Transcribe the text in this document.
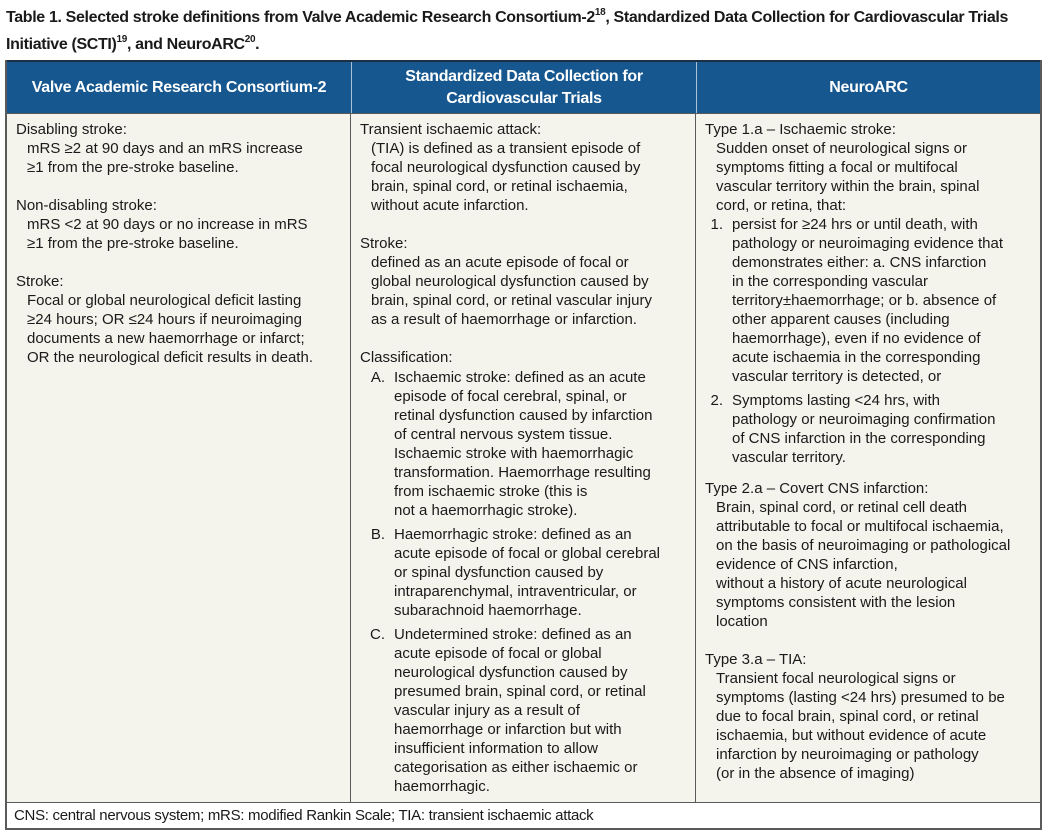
Table 1. Selected stroke definitions from Valve Academic Research Consortium-$2^{18}$, Standardized Data Collection for Cardiovascular Trials Initiative (SCTI)$^{19}$, and NeuroARC$^{20}$.
Valve Academic Research Consortium-2
Standardized Data Collection for
Cardiovascular Trials
NeuroARC
Disabling stroke:
mRS ≥2 at 90 days and an mRS increase
≥1 from the pre-stroke baseline.
Non-disabling stroke:
mRS <2 at 90 days or no increase in mRS
≥1 from the pre-stroke baseline.
Stroke:
Focal or global neurological deficit lasting
≥24 hours; OR ≤24 hours if neuroimaging
documents a new haemorrhage or infarct;
OR the neurological deficit results in death.
Transient ischaemic attack:
(TIA) is defined as a transient episode of
focal neurological dysfunction caused by
brain, spinal cord, or retinal ischaemia,
without acute infarction.
Stroke:
defined as an acute episode of focal or
global neurological dysfunction caused by
brain, spinal cord, or retinal vascular injury
as a result of haemorrhage or infarction.
Classification:
A. Ischaemic stroke: defined as an acute
episode of focal cerebral, spinal, or
retinal dysfunction caused by infarction
of central nervous system tissue.
Ischaemic stroke with haemorrhagic
transformation. Haemorrhage resulting
from ischaemic stroke (this is
not a haemorrhagic stroke).
B. Haemorrhagic stroke: defined as an
acute episode of focal or global cerebral
or spinal dysfunction caused by
intraparenchymal, intraventricular, or
subarachnoid haemorrhage.
C. Undetermined stroke: defined as an
acute episode of focal or global
neurological dysfunction caused by
presumed brain, spinal cord, or retinal
vascular injury as a result of
haemorrhage or infarction but with
insufficient information to allow
categorisation as either ischaemic or
haemorrhagic.
Type 1.a – Ischaemic stroke:
Sudden onset of neurological signs or
symptoms fitting a focal or multifocal
vascular territory within the brain, spinal
cord, or retina, that:
1. persist for ≥24 hrs or until death, with
pathology or neuroimaging evidence that
demonstrates either: a. CNS infarction
in the corresponding vascular
territory±haemorrhage; or b. absence of
other apparent causes (including
haemorrhage), even if no evidence of
acute ischaemia in the corresponding
vascular territory is detected, or
2. Symptoms lasting <24 hrs, with
pathology or neuroimaging confirmation
of CNS infarction in the corresponding
vascular territory.
Type 2.a – Covert CNS infarction:
Brain, spinal cord, or retinal cell death
attributable to focal or multifocal ischaemia,
on the basis of neuroimaging or pathological
evidence of CNS infarction,
without a history of acute neurological
symptoms consistent with the lesion
location
Type 3.a – TIA:
Transient focal neurological signs or
symptoms (lasting <24 hrs) presumed to be
due to focal brain, spinal cord, or retinal
ischaemia, but without evidence of acute
infarction by neuroimaging or pathology
(or in the absence of imaging)
CNS: central nervous system; mRS: modified Rankin Scale; TIA: transient ischaemic attack
